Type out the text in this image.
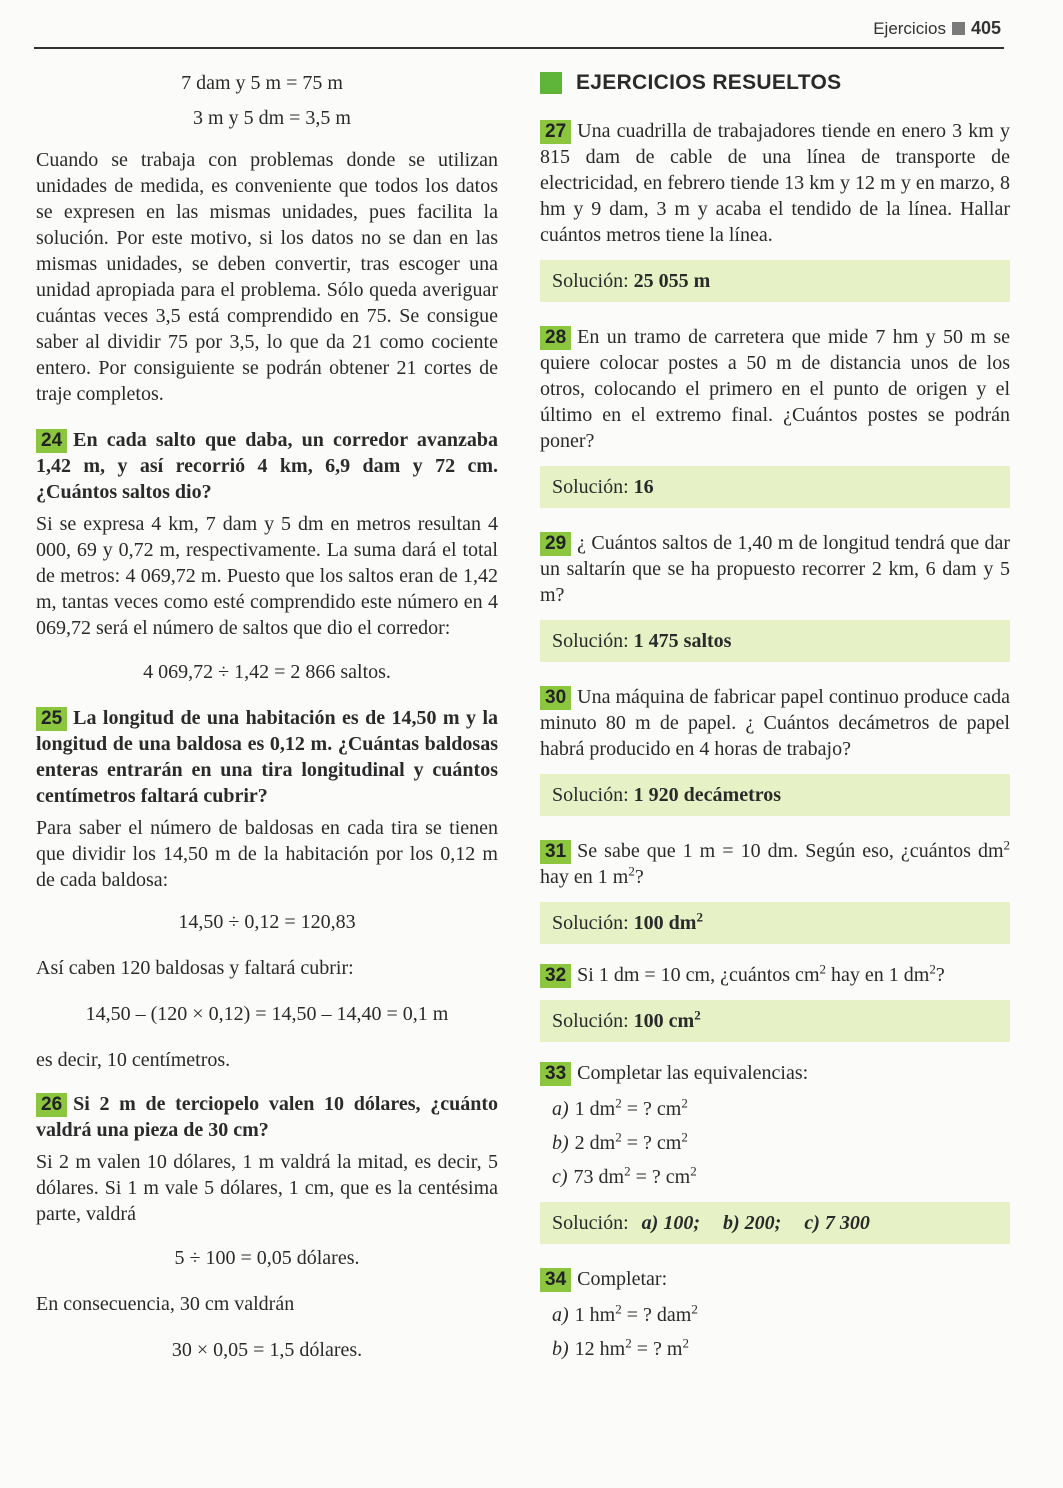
Ejercicios 405

7 dam y 5 m = 75 m

3 m y 5 dm = 3,5 m

Cuando se trabaja con problemas donde se utilizan unidades de medida, es conveniente que todos los datos se expresen en las mismas unidades, pues facilita la solución. Por este motivo, si los datos no se dan en las mismas unidades, se deben convertir, tras escoger una unidad apropiada para el problema. Sólo queda averiguar cuántas veces 3,5 está comprendido en 75. Se consigue saber al dividir 75 por 3,5, lo que da 21 como cociente entero. Por consiguiente se podrán obtener 21 cortes de traje completos.

24 En cada salto que daba, un corredor avanzaba 1,42 m, y así recorrió 4 km, 6,9 dam y 72 cm. ¿Cuántos saltos dio?

Si se expresa 4 km, 7 dam y 5 dm en metros resultan 4 000, 69 y 0,72 m, respectivamente. La suma dará el total de metros: 4 069,72 m. Puesto que los saltos eran de 1,42 m, tantas veces como esté comprendido este número en 4 069,72 será el número de saltos que dio el corredor:

4 069,72 ÷ 1,42 = 2 866 saltos.

25 La longitud de una habitación es de 14,50 m y la longitud de una baldosa es 0,12 m. ¿Cuántas baldosas enteras entrarán en una tira longitudinal y cuántos centímetros faltará cubrir?

Para saber el número de baldosas en cada tira se tienen que dividir los 14,50 m de la habitación por los 0,12 m de cada baldosa:

14,50 ÷ 0,12 = 120,83

Así caben 120 baldosas y faltará cubrir:

14,50 – (120 × 0,12) = 14,50 – 14,40 = 0,1 m

es decir, 10 centímetros.

26 Si 2 m de terciopelo valen 10 dólares, ¿cuánto valdrá una pieza de 30 cm?

Si 2 m valen 10 dólares, 1 m valdrá la mitad, es decir, 5 dólares. Si 1 m vale 5 dólares, 1 cm, que es la centésima parte, valdrá

5 ÷ 100 = 0,05 dólares.

En consecuencia, 30 cm valdrán

30 × 0,05 = 1,5 dólares.

EJERCICIOS RESUELTOS

27 Una cuadrilla de trabajadores tiende en enero 3 km y 815 dam de cable de una línea de transporte de electricidad, en febrero tiende 13 km y 12 m y en marzo, 8 hm y 9 dam, 3 m y acaba el tendido de la línea. Hallar cuántos metros tiene la línea.

Solución: 25 055 m

28 En un tramo de carretera que mide 7 hm y 50 m se quiere colocar postes a 50 m de distancia unos de los otros, colocando el primero en el punto de origen y el último en el extremo final. ¿Cuántos postes se podrán poner?

Solución: 16

29 ¿ Cuántos saltos de 1,40 m de longitud tendrá que dar un saltarín que se ha propuesto recorrer 2 km, 6 dam y 5 m?

Solución: 1 475 saltos

30 Una máquina de fabricar papel continuo produce cada minuto 80 m de papel. ¿ Cuántos decámetros de papel habrá producido en 4 horas de trabajo?

Solución: 1 920 decámetros

31 Se sabe que 1 m = 10 dm. Según eso, ¿cuántos $dm^2$ hay en 1 $m^2$?

Solución: 100 $dm^2$

32 Si 1 dm = 10 cm, ¿cuántos $cm^2$ hay en 1 $dm^2$?

Solución: 100 $cm^2$

33 Completar las equivalencias:

a) 1 $dm^2$ = ? $cm^2$

b) 2 $dm^2$ = ? $cm^2$

c) 73 $dm^2$ = ? $cm^2$

Solución: a) 100; b) 200; c) 7 300

34 Completar:

a) 1 $hm^2$ = ? dam$^2$

b) 12 $hm^2$ = ? $m^2$
